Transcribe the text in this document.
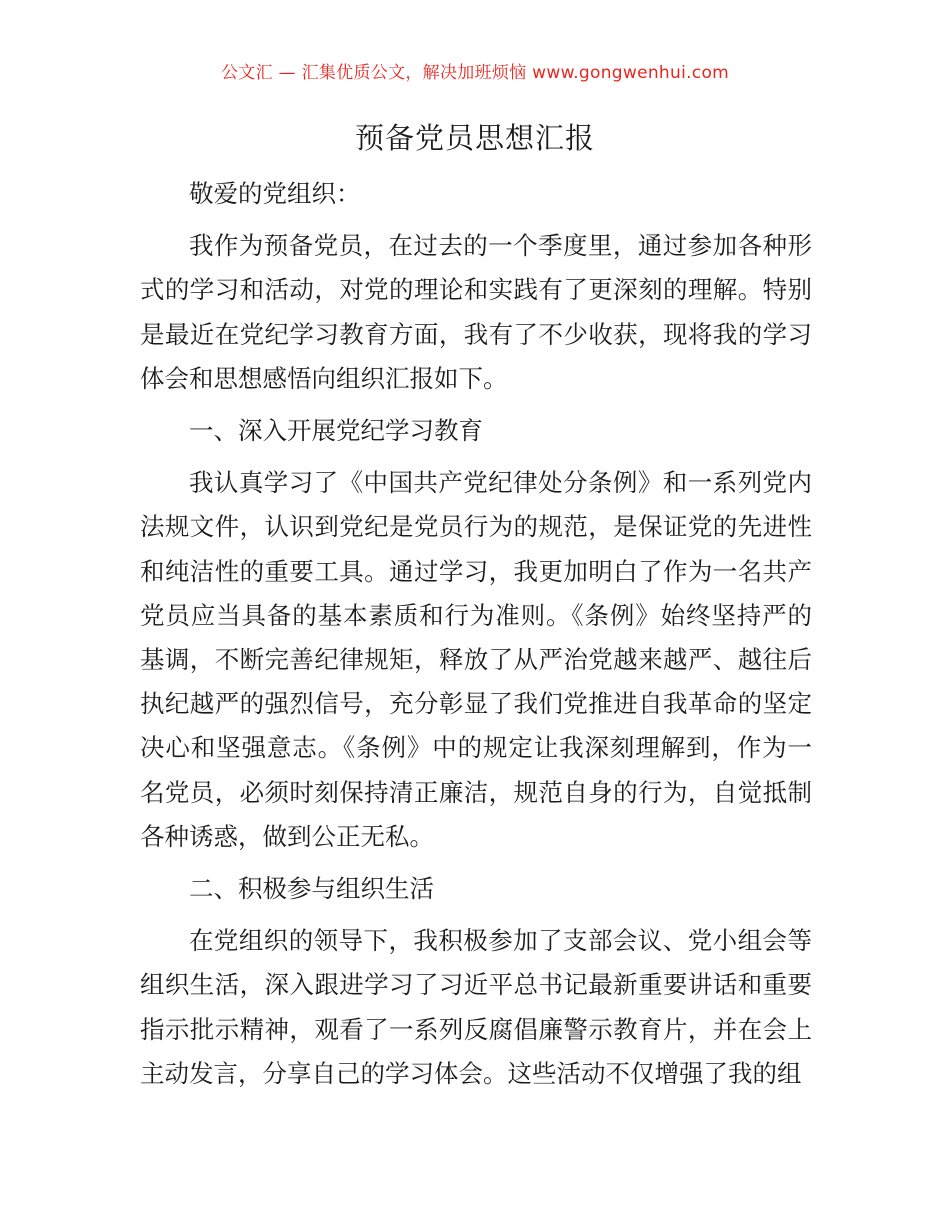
公文汇 — 汇集优质公文，解决加班烦恼 www.gongwenhui.com
预备党员思想汇报

敬爱的党组织：

我作为预备党员，在过去的一个季度里，通过参加各种形式的学习和活动，对党的理论和实践有了更深刻的理解。特别是最近在党纪学习教育方面，我有了不少收获，现将我的学习体会和思想感悟向组织汇报如下。

一、深入开展党纪学习教育

我认真学习了《中国共产党纪律处分条例》和一系列党内法规文件，认识到党纪是党员行为的规范，是保证党的先进性和纯洁性的重要工具。通过学习，我更加明白了作为一名共产党员应当具备的基本素质和行为准则。《条例》始终坚持严的基调，不断完善纪律规矩，释放了从严治党越来越严、越往后执纪越严的强烈信号，充分彰显了我们党推进自我革命的坚定决心和坚强意志。《条例》中的规定让我深刻理解到，作为一名党员，必须时刻保持清正廉洁，规范自身的行为，自觉抵制各种诱惑，做到公正无私。

二、积极参与组织生活

在党组织的领导下，我积极参加了支部会议、党小组会等组织生活，深入跟进学习了习近平总书记最新重要讲话和重要指示批示精神，观看了一系列反腐倡廉警示教育片，并在会上主动发言，分享自己的学习体会。这些活动不仅增强了我的组
